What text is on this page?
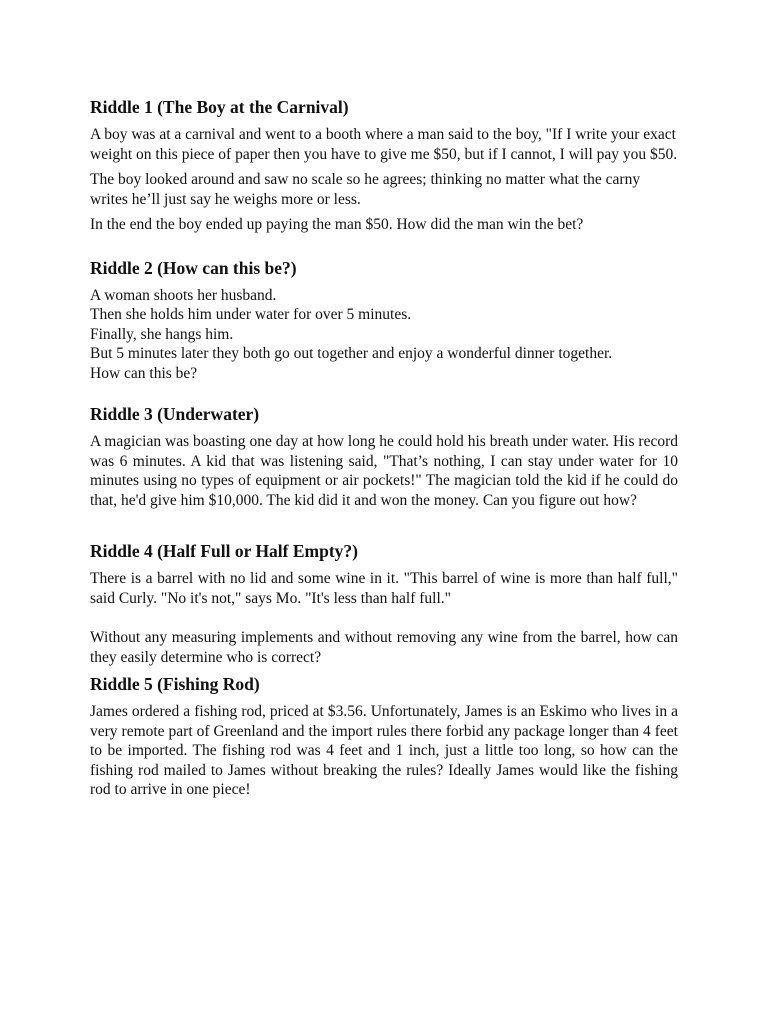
Riddle 1 (The Boy at the Carnival)

A boy was at a carnival and went to a booth where a man said to the boy, "If I write your exact weight on this piece of paper then you have to give me $50, but if I cannot, I will pay you $50.

The boy looked around and saw no scale so he agrees; thinking no matter what the carny writes he’ll just say he weighs more or less.

In the end the boy ended up paying the man $50. How did the man win the bet?

Riddle 2 (How can this be?)

A woman shoots her husband.

Then she holds him under water for over 5 minutes.

Finally, she hangs him.

But 5 minutes later they both go out together and enjoy a wonderful dinner together.

How can this be?

Riddle 3 (Underwater)

A magician was boasting one day at how long he could hold his breath under water. His record was 6 minutes. A kid that was listening said, "That’s nothing, I can stay under water for 10 minutes using no types of equipment or air pockets!" The magician told the kid if he could do that, he'd give him $10,000. The kid did it and won the money. Can you figure out how?

Riddle 4 (Half Full or Half Empty?)

There is a barrel with no lid and some wine in it. "This barrel of wine is more than half full," said Curly. "No it's not," says Mo. "It's less than half full."

Without any measuring implements and without removing any wine from the barrel, how can they easily determine who is correct?

Riddle 5 (Fishing Rod)

James ordered a fishing rod, priced at $3.56. Unfortunately, James is an Eskimo who lives in a very remote part of Greenland and the import rules there forbid any package longer than 4 feet to be imported. The fishing rod was 4 feet and 1 inch, just a little too long, so how can the fishing rod mailed to James without breaking the rules? Ideally James would like the fishing rod to arrive in one piece!
